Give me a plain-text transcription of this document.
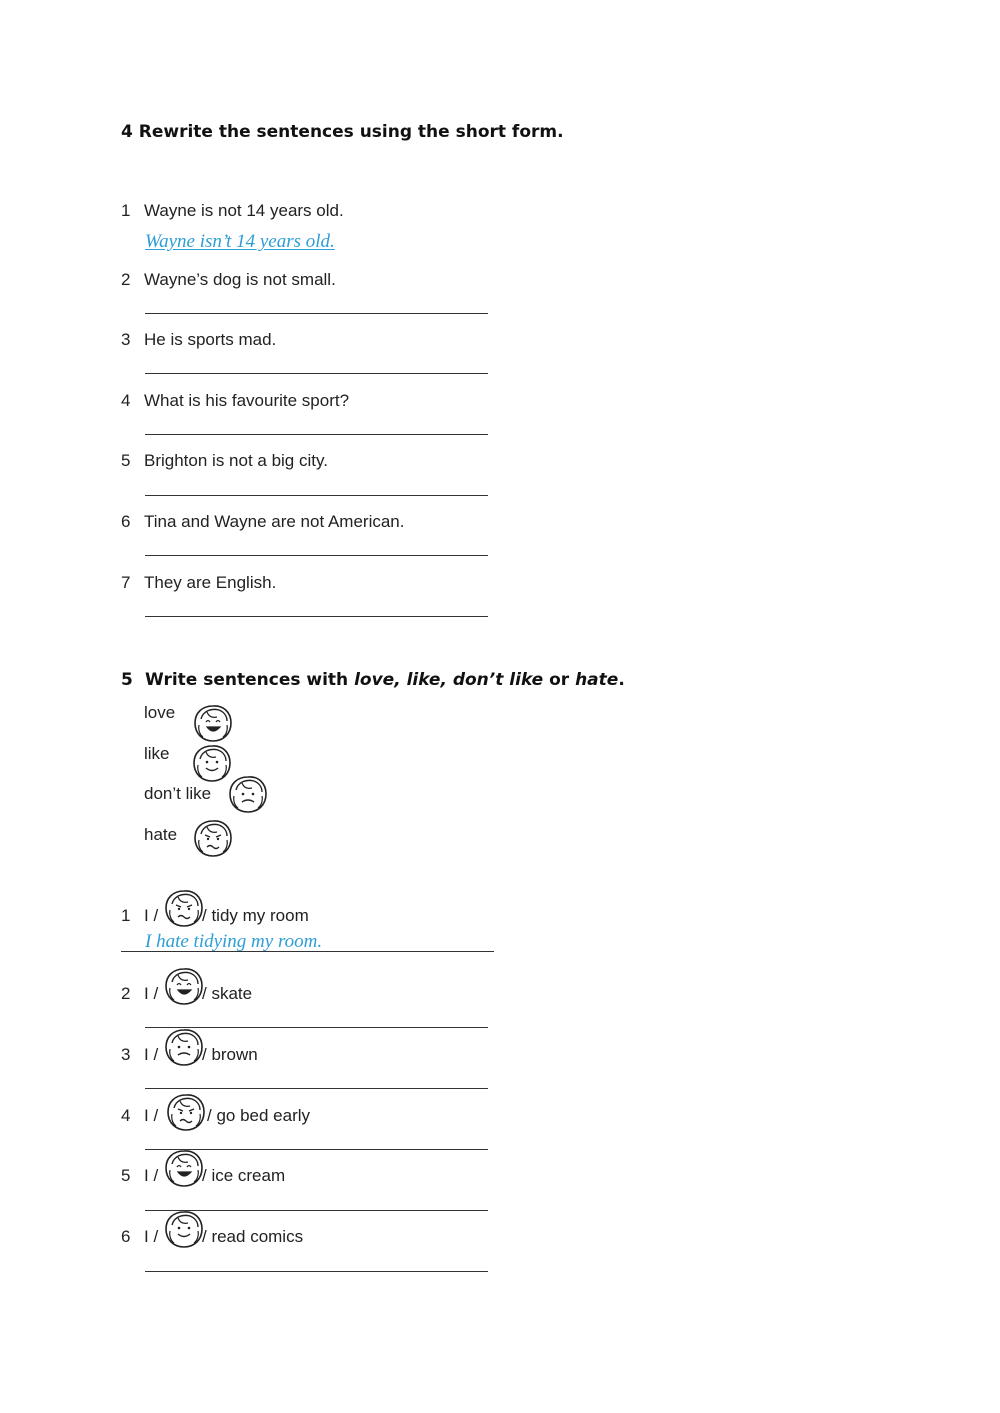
4 Rewrite the sentences using the short form.
1 Wayne is not 14 years old.
Wayne isn’t 14 years old.
2 Wayne’s dog is not small.
3 He is sports mad.
4 What is his favourite sport?
5 Brighton is not a big city.
6 Tina and Wayne are not American.
7 They are English.
5 Write sentences with love, like, don’t like or hate.
love
like
don’t like
hate
1 I /	/ tidy my room
I hate tidying my room.
2 I /	/ skate
3 I /	/ brown
4 I /	/ go bed early
5 I /	/ ice cream
6 I /	/ read comics
